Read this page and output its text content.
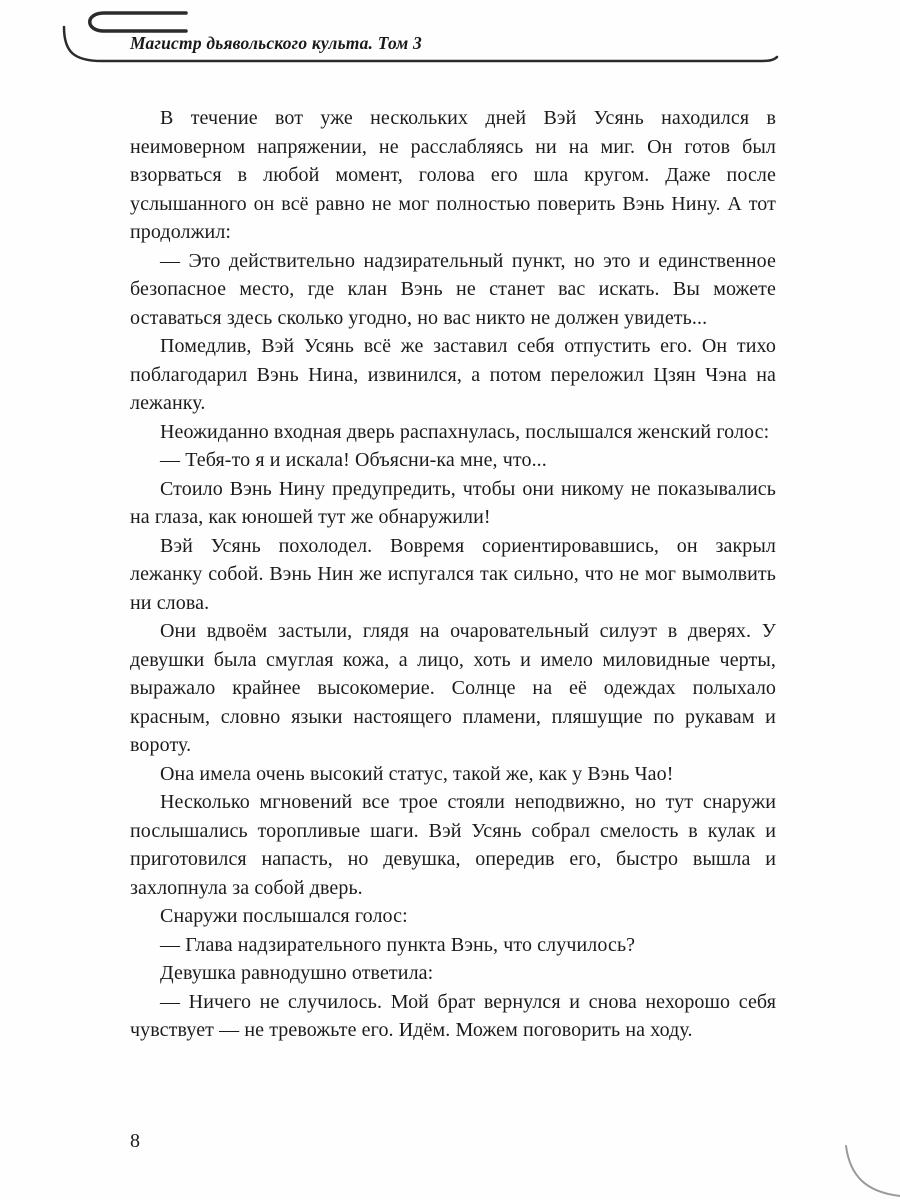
Магистр дьявольского культа. Том 3

В течение вот уже нескольких дней Вэй Усянь находился в неимоверном напряжении, не расслабляясь ни на миг. Он готов был взорваться в любой момент, голова его шла кругом. Даже после услышанного он всё равно не мог полностью поверить Вэнь Нину. А тот продолжил:

— Это действительно надзирательный пункт, но это и единственное безопасное место, где клан Вэнь не станет вас искать. Вы можете оставаться здесь сколько угодно, но вас никто не должен увидеть...

Помедлив, Вэй Усянь всё же заставил себя отпустить его. Он тихо поблагодарил Вэнь Нина, извинился, а потом переложил Цзян Чэна на лежанку.

Неожиданно входная дверь распахнулась, послышался женский голос:

— Тебя-то я и искала! Объясни-ка мне, что...

Стоило Вэнь Нину предупредить, чтобы они никому не показывались на глаза, как юношей тут же обнаружили!

Вэй Усянь похолодел. Вовремя сориентировавшись, он закрыл лежанку собой. Вэнь Нин же испугался так сильно, что не мог вымолвить ни слова.

Они вдвоём застыли, глядя на очаровательный силуэт в дверях. У девушки была смуглая кожа, а лицо, хоть и имело миловидные черты, выражало крайнее высокомерие. Солнце на её одеждах полыхало красным, словно языки настоящего пламени, пляшущие по рукавам и вороту.

Она имела очень высокий статус, такой же, как у Вэнь Чао!

Несколько мгновений все трое стояли неподвижно, но тут снаружи послышались торопливые шаги. Вэй Усянь собрал смелость в кулак и приготовился напасть, но девушка, опередив его, быстро вышла и захлопнула за собой дверь.

Снаружи послышался голос:

— Глава надзирательного пункта Вэнь, что случилось?

Девушка равнодушно ответила:

— Ничего не случилось. Мой брат вернулся и снова нехорошо себя чувствует — не тревожьте его. Идём. Можем поговорить на ходу.

8
